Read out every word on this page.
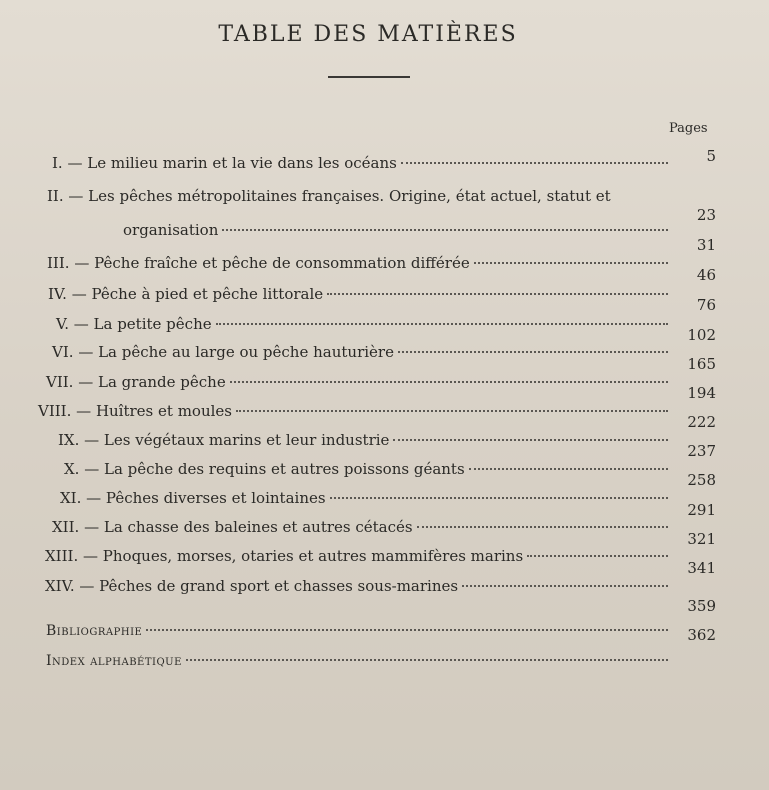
TABLE DES MATIÈRES
Pages
I.
— Le milieu marin et la vie dans les océans	5
II.
— Les pêches métropolitaines françaises. Origine, état actuel, statut et
organisation
23
III.
— Pêche fraîche et pêche de consommation différée
31
IV.
— Pêche à pied et pêche littorale
46
V.
— La petite pêche
76
VI.
— La pêche au large ou pêche hauturière
102
VII.
— La grande pêche
165
VIII.
— Huîtres et moules
194
IX.
— Les végétaux marins et leur industrie
222
X.
— La pêche des requins et autres poissons géants
237
XI.
— Pêches diverses et lointaines
258
XII.
— La chasse des baleines et autres cétacés
291
XIII.
— Phoques, morses, otaries et autres mammifères marins
321
XIV.
— Pêches de grand sport et chasses sous-marines
341
Bibliographie
359
Index alphabétique
362
